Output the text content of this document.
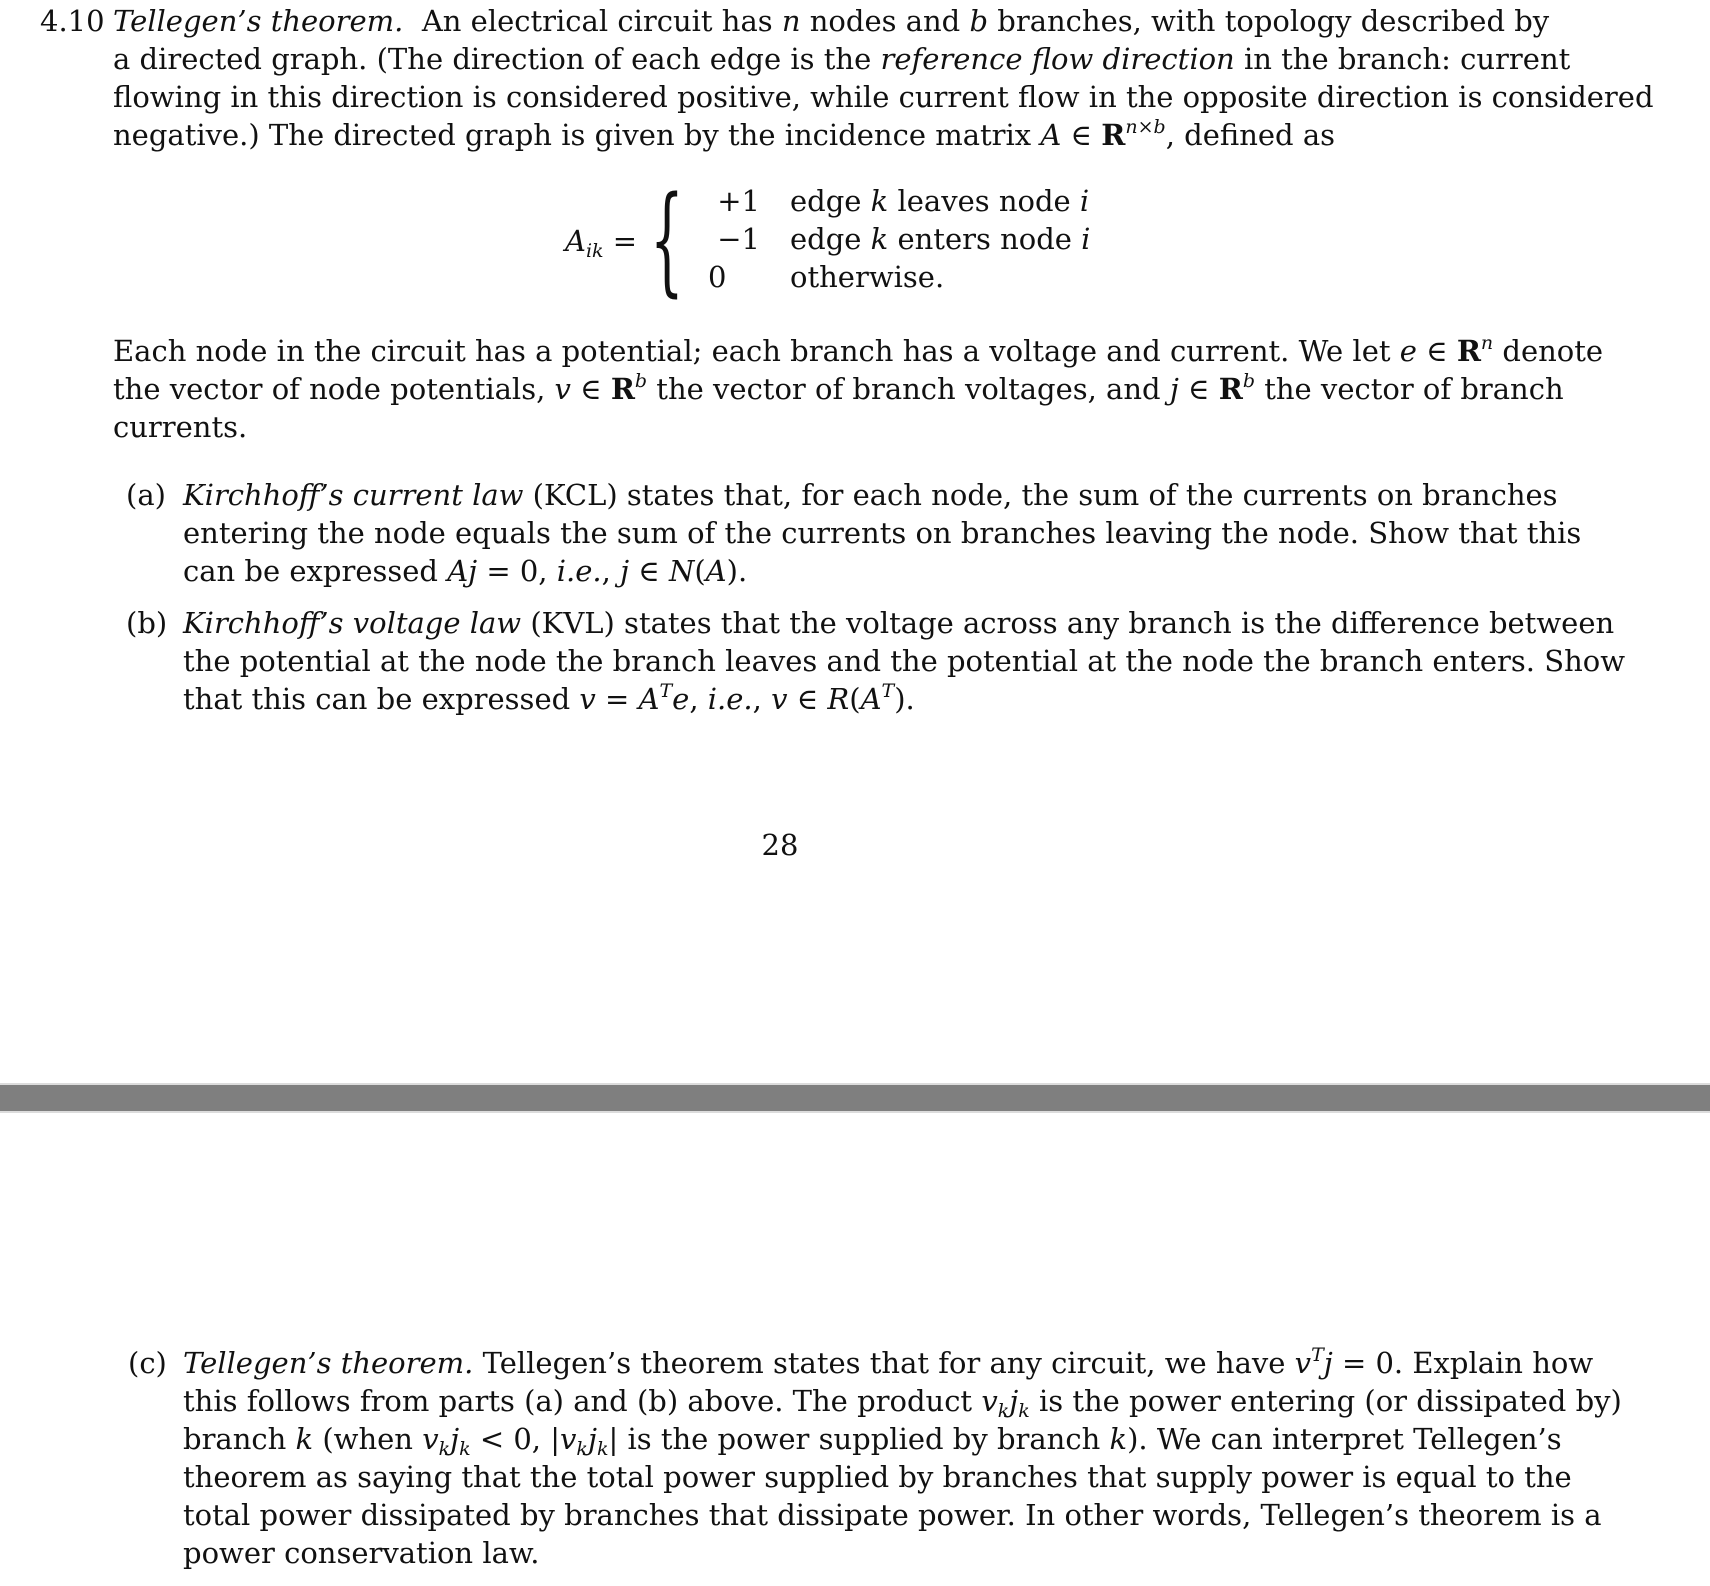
4.10 Tellegen’s theorem.  An electrical circuit has n nodes and b branches, with topology described by
a directed graph. (The direction of each edge is the reference flow direction in the branch: current
flowing in this direction is considered positive, while current flow in the opposite direction is considered
negative.) The directed graph is given by the incidence matrix A ∈ $R^{n\times b}$, defined as
$A_{ik}$ = {	+1 edge k leaves node i
−1 edge k enters node i
0	otherwise.
Each node in the circuit has a potential; each branch has a voltage and current. We let e ∈ $R^n$ denote
the vector of node potentials, v ∈ $R^b$ the vector of branch voltages, and j ∈ $R^b$ the vector of branch
currents.
(a) Kirchhoff’s current law (KCL) states that, for each node, the sum of the currents on branches
entering the node equals the sum of the currents on branches leaving the node. Show that this
can be expressed Aj = 0, i.e., j ∈ N(A).
(b) Kirchhoff’s voltage law (KVL) states that the voltage across any branch is the difference between
the potential at the node the branch leaves and the potential at the node the branch enters. Show
that this can be expressed $v = A^Te$, i.e., v ∈ $R(A^T)$.
28
(c) Tellegen’s theorem. Tellegen’s theorem states that for any circuit, we have $v^Tj = 0$. Explain how
this follows from parts (a) and (b) above. The product $v_kj_k$ is the power entering (or dissipated by)
branch k (when $v_kj_k < 0$, $|v_kj_k|$ is the power supplied by branch k). We can interpret Tellegen’s
theorem as saying that the total power supplied by branches that supply power is equal to the
total power dissipated by branches that dissipate power. In other words, Tellegen’s theorem is a
power conservation law.
